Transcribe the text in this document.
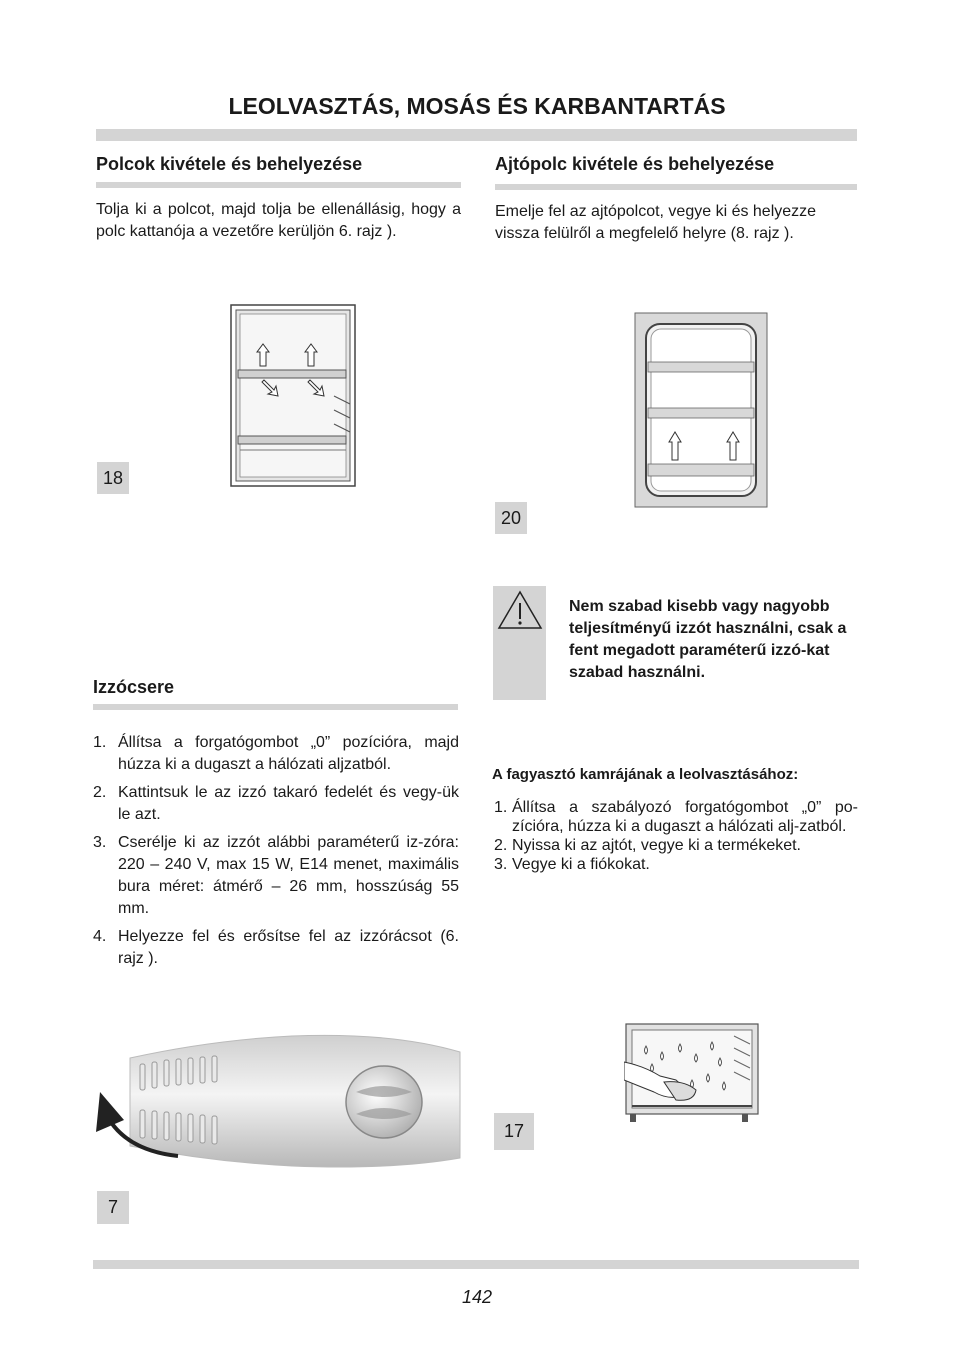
LEOLVASZTÁS, MOSÁS ÉS KARBANTARTÁS
Polcok kivétele és behelyezése
Tolja ki a polcot, majd tolja be ellenállásig, hogy a polc kattanója a vezetőre kerüljön 6. rajz ).
18
Ajtópolc kivétele és behelyezése
Emelje fel az ajtópolcot, vegye ki és helyezze vissza felülről a megfelelő helyre (8. rajz ).
20
Nem szabad kisebb vagy nagyobb teljesítményű izzót használni, csak a fent megadott paraméterű izzó-kat szabad használni.
Izzócsere
1. Állítsa a forgatógombot „0” pozícióra, majd húzza ki a dugaszt a hálózati aljzatból.
2. Kattintsuk le az izzó takaró fedelét és vegy-ük le azt.
3. Cserélje ki az izzót alábbi paraméterű iz-zóra: 220 – 240 V, max 15 W, E14 menet, maximális bura méret: átmérő – 26 mm, hosszúság 55 mm.
4. Helyezze fel és erősítse fel az izzórácsot (6. rajz ).
7
A fagyasztó kamrájának a leolvasztásához:
1. Állítsa a szabályozó forgatógombot „0” po-zícióra, húzza ki a dugaszt a hálózati alj-zatból.
2. Nyissa ki az ajtót, vegye ki a termékeket.
3. Vegye ki a fiókokat.
17
142
